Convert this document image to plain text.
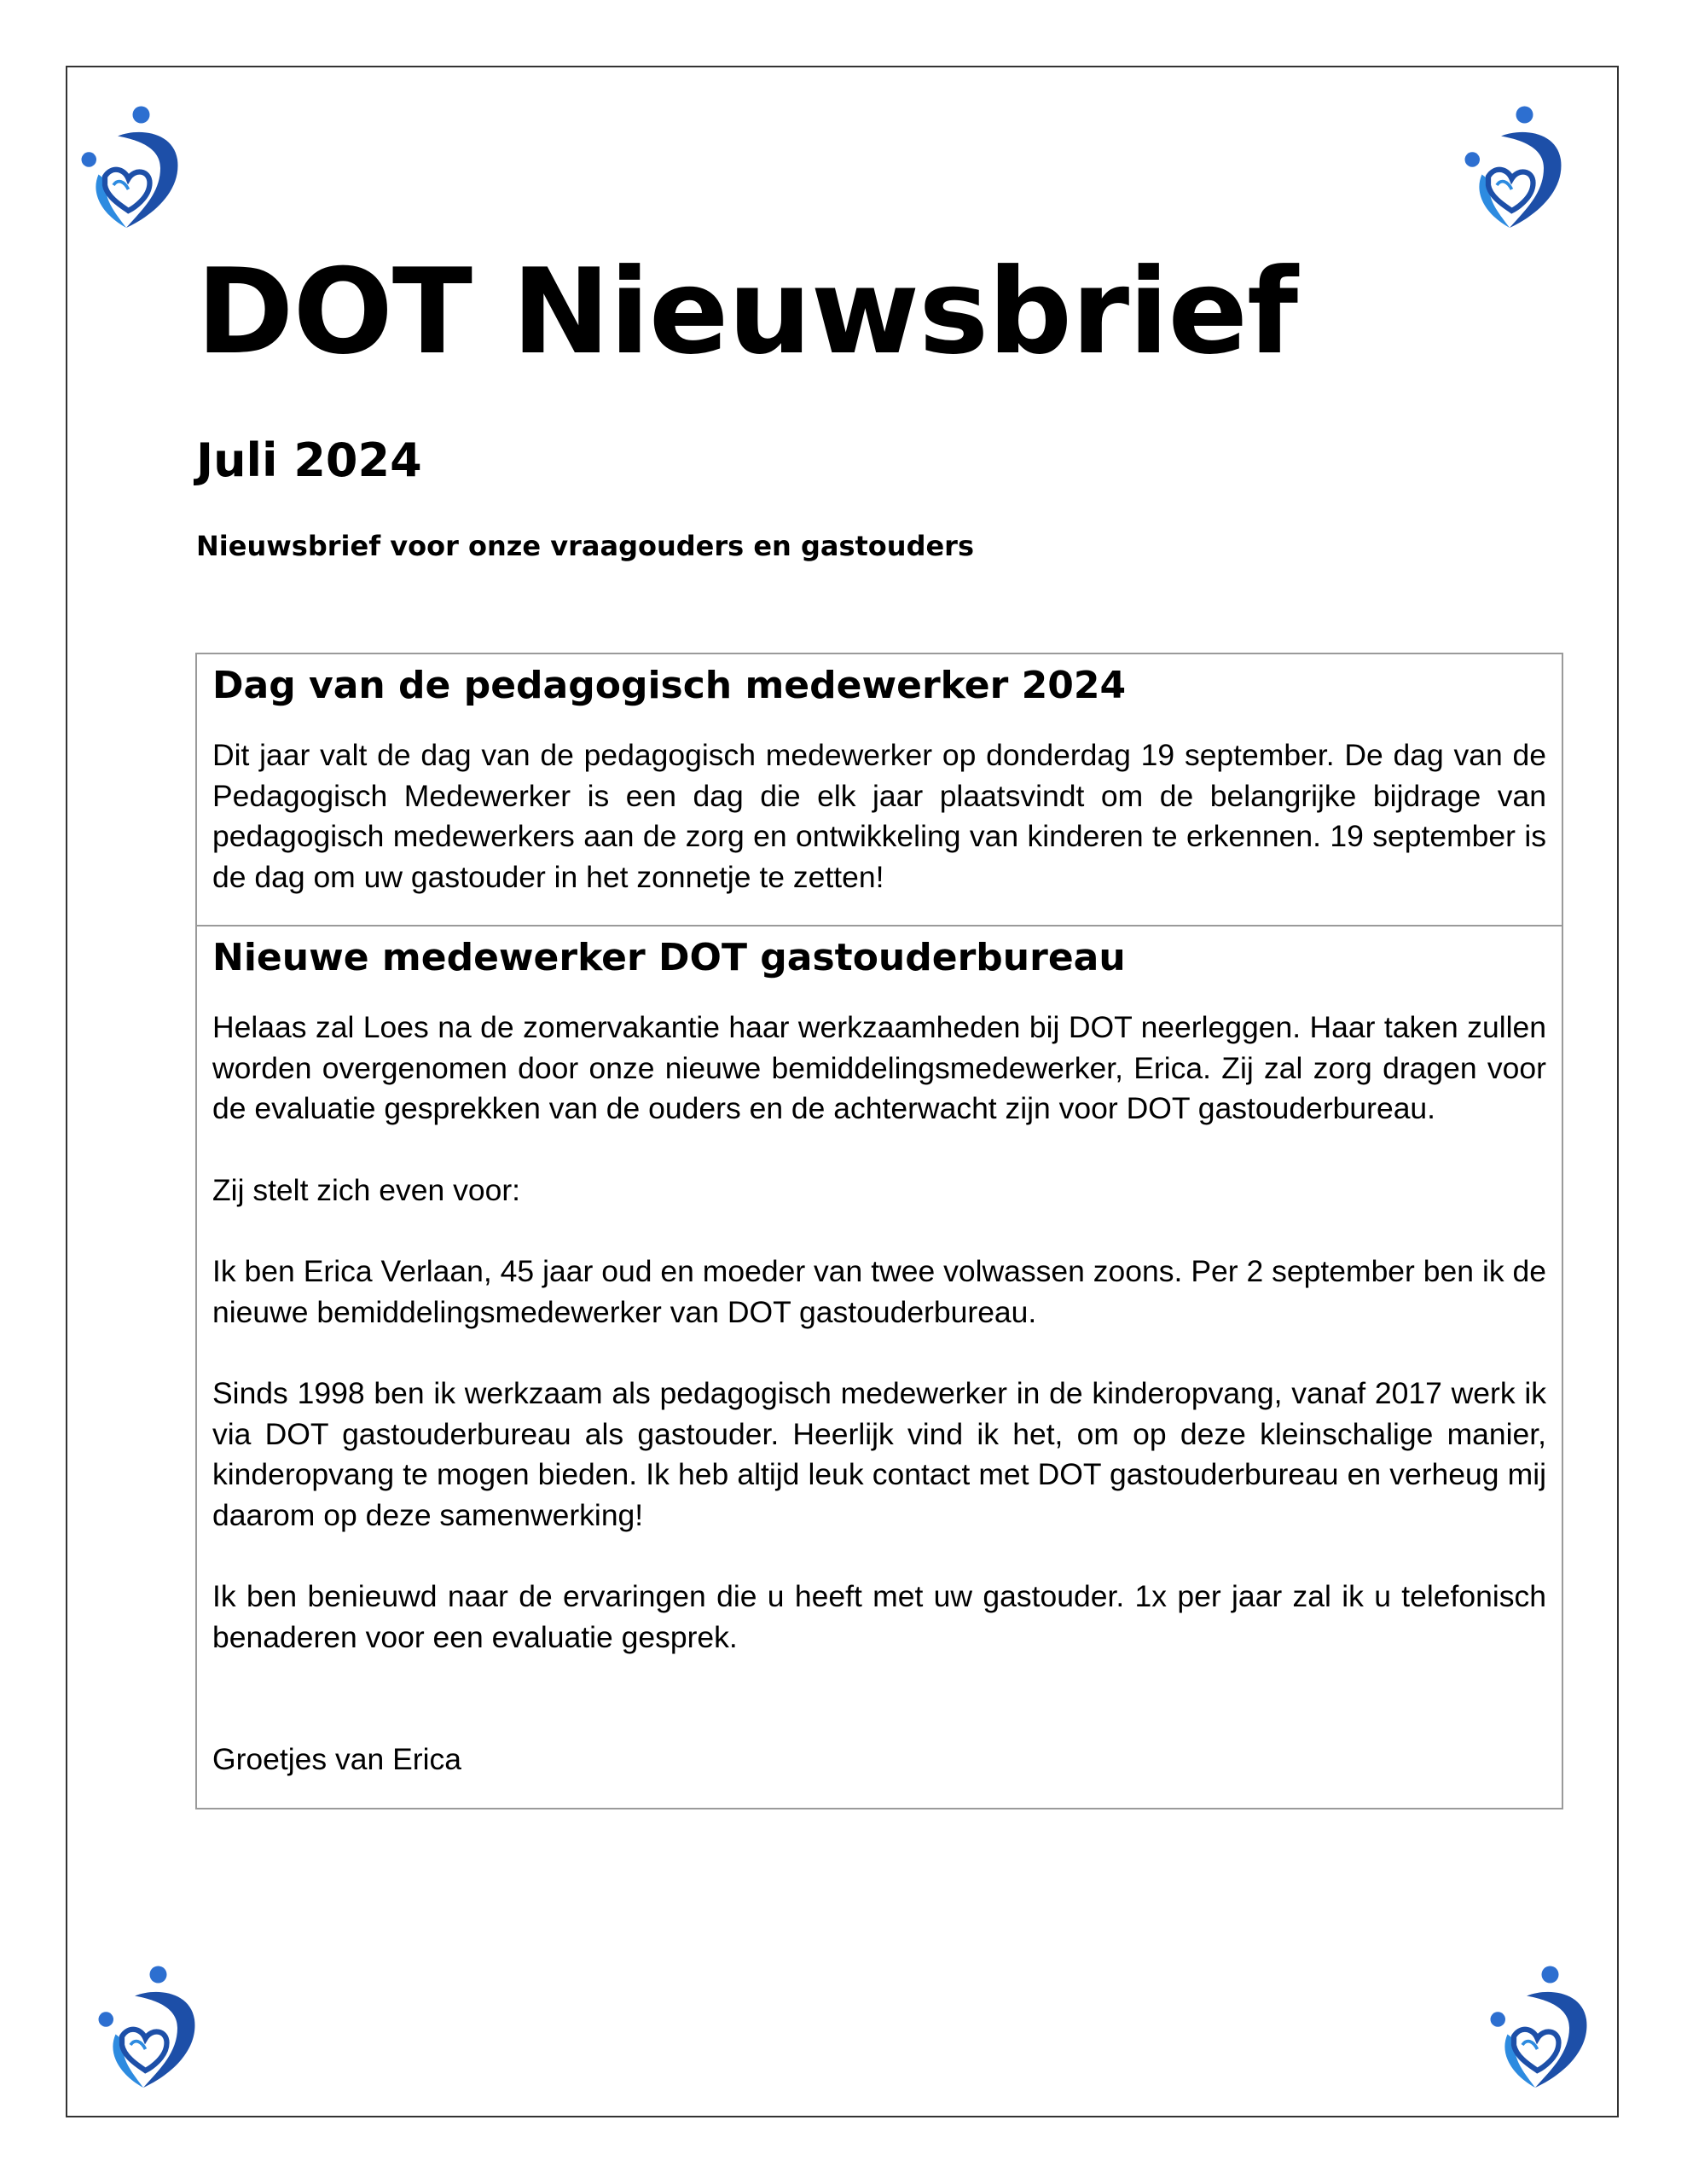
DOT Nieuwsbrief
Juli 2024

Nieuwsbrief voor onze vraagouders en gastouders

Dag van de pedagogisch medewerker 2024

Dit jaar valt de dag van de pedagogisch medewerker op donderdag 19 september. De dag van de Pedagogisch Medewerker is een dag die elk jaar plaatsvindt om de belangrijke bijdrage van pedagogisch medewerkers aan de zorg en ontwikkeling van kinderen te erkennen. 19 september is de dag om uw gastouder in het zonnetje te zetten!

Nieuwe medewerker DOT gastouderbureau

Helaas zal Loes na de zomervakantie haar werkzaamheden bij DOT neerleggen. Haar taken zullen worden overgenomen door onze nieuwe bemiddelingsmedewerker, Erica. Zij zal zorg dragen voor de evaluatie gesprekken van de ouders en de achterwacht zijn voor DOT gastouderbureau.

Zij stelt zich even voor:

Ik ben Erica Verlaan, 45 jaar oud en moeder van twee volwassen zoons. Per 2 september ben ik de nieuwe bemiddelingsmedewerker van DOT gastouderbureau.

Sinds 1998 ben ik werkzaam als pedagogisch medewerker in de kinderopvang, vanaf 2017 werk ik via DOT gastouderbureau als gastouder. Heerlijk vind ik het, om op deze kleinschalige manier, kinderopvang te mogen bieden. Ik heb altijd leuk contact met DOT gastouderbureau en verheug mij daarom op deze samenwerking!

Ik ben benieuwd naar de ervaringen die u heeft met uw gastouder. 1x per jaar zal ik u telefonisch benaderen voor een evaluatie gesprek.

Groetjes van Erica
